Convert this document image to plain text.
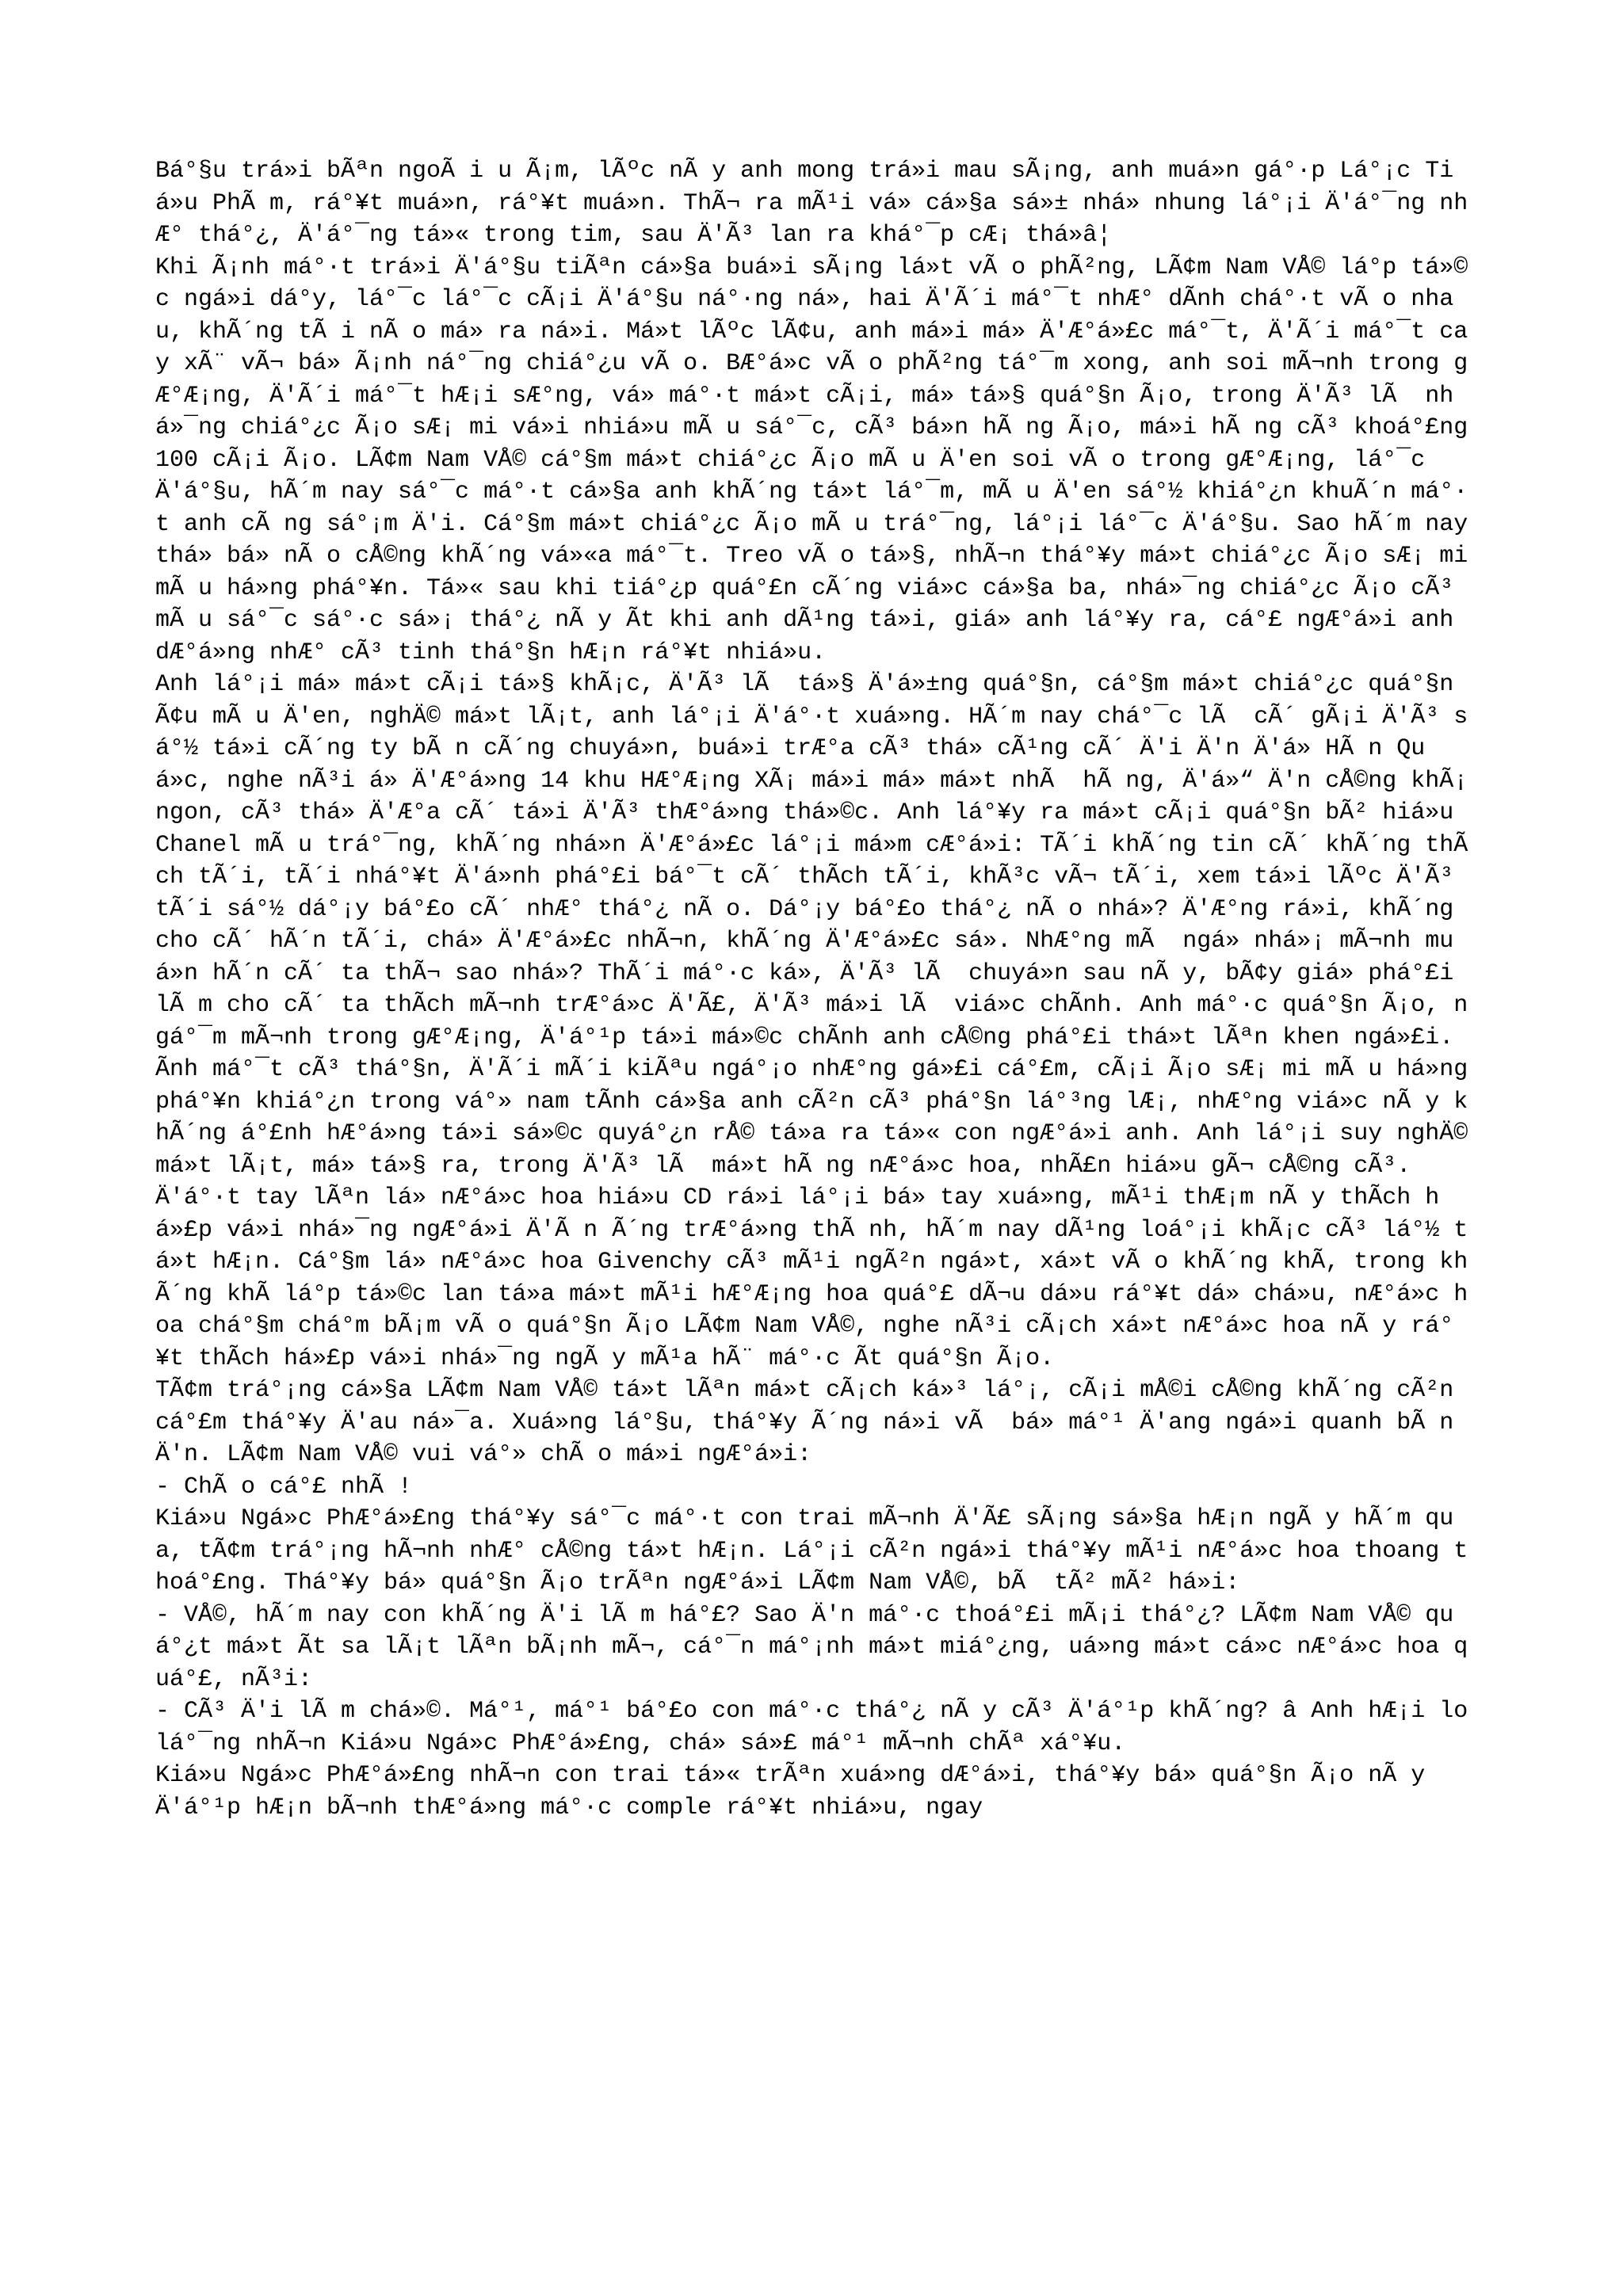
Bá°§u trá»i bÃªn ngoÃ i u Ã¡m, lÃºc nÃ y anh mong trá»i mau sÃ¡ng, anh muá»n gá°·p Lá°¡c Tiá»u PhÃ m, rá°¥t muá»n, rá°¥t muá»n. ThÃ¬ ra mÃ¹i vá» cá»§a sá»± nhá» nhung lá°¡i Ä'á°¯ng nhÆ° thá°¿, Ä'á°¯ng tá»« trong tim, sau Ä'Ã³ lan ra khá°¯p cÆ¡ thá»â¦

Khi Ã¡nh má°·t trá»i Ä'á°§u tiÃªn cá»§a buá»i sÃ¡ng lá»t vÃ o phÃ²ng, LÃ¢m Nam VÅ© lá°p tá»©c ngá»i dá°y, lá°¯c lá°¯c cÃ¡i Ä'á°§u ná°·ng ná», hai Ä'Ã´i má°¯t nhÆ° dÃnh chá°·t vÃ o nhau, khÃ´ng tÃ i nÃ o má» ra ná»i. Má»t lÃºc lÃ¢u, anh má»i má» Ä'Æ°á»£c má°¯t, Ä'Ã´i má°¯t cay xÃ¨ vÃ¬ bá» Ã¡nh ná°¯ng chiá°¿u vÃ o. BÆ°á»c vÃ o phÃ²ng tá°¯m xong, anh soi mÃ¬nh trong gÆ°Æ¡ng, Ä'Ã´i má°¯t hÆ¡i sÆ°ng, vá» má°·t má»t cÃ¡i, má» tá»§ quá°§n Ã¡o, trong Ä'Ã³ lÃ  nhá»¯ng chiá°¿c Ã¡o sÆ¡ mi vá»i nhiá»u mÃ u sá°¯c, cÃ³ bá»n hÃ ng Ã¡o, má»i hÃ ng cÃ³ khoá°£ng 100 cÃ¡i Ã¡o. LÃ¢m Nam VÅ© cá°§m má»t chiá°¿c Ã¡o mÃ u Ä'en soi vÃ o trong gÆ°Æ¡ng, lá°¯c Ä'á°§u, hÃ´m nay sá°¯c má°·t cá»§a anh khÃ´ng tá»t lá°¯m, mÃ u Ä'en sá°½ khiá°¿n khuÃ´n má°·t anh cÃ ng sá°¡m Ä'i. Cá°§m má»t chiá°¿c Ã¡o mÃ u trá°¯ng, lá°¡i lá°¯c Ä'á°§u. Sao hÃ´m nay thá» bá» nÃ o cÅ©ng khÃ´ng vá»«a má°¯t. Treo vÃ o tá»§, nhÃ¬n thá°¥y má»t chiá°¿c Ã¡o sÆ¡ mi mÃ u há»ng phá°¥n. Tá»« sau khi tiá°¿p quá°£n cÃ´ng viá»c cá»§a ba, nhá»¯ng chiá°¿c Ã¡o cÃ³ mÃ u sá°¯c sá°·c sá»¡ thá°¿ nÃ y Ãt khi anh dÃ¹ng tá»i, giá» anh lá°¥y ra, cá°£ ngÆ°á»i anh dÆ°á»ng nhÆ° cÃ³ tinh thá°§n hÆ¡n rá°¥t nhiá»u.

Anh lá°¡i má» má»t cÃ¡i tá»§ khÃ¡c, Ä'Ã³ lÃ  tá»§ Ä'á»±ng quá°§n, cá°§m má»t chiá°¿c quá°§n Ã¢u mÃ u Ä'en, nghÄ© má»t lÃ¡t, anh lá°¡i Ä'á°·t xuá»ng. HÃ´m nay chá°¯c lÃ  cÃ´ gÃ¡i Ä'Ã³ sá°½ tá»i cÃ´ng ty bÃ n cÃ´ng chuyá»n, buá»i trÆ°a cÃ³ thá» cÃ¹ng cÃ´ Ä'i Ä'n Ä'á» HÃ n Quá»c, nghe nÃ³i á» Ä'Æ°á»ng 14 khu HÆ°Æ¡ng XÃ¡ má»i má» má»t nhÃ  hÃ ng, Ä'á»“ Ä'n cÅ©ng khÃ¡ ngon, cÃ³ thá» Ä'Æ°a cÃ´ tá»i Ä'Ã³ thÆ°á»ng thá»©c. Anh lá°¥y ra má»t cÃ¡i quá°§n bÃ² hiá»u Chanel mÃ u trá°¯ng, khÃ´ng nhá»n Ä'Æ°á»£c lá°¡i má»m cÆ°á»i: TÃ´i khÃ´ng tin cÃ´ khÃ´ng thÃch tÃ´i, tÃ´i nhá°¥t Ä'á»nh phá°£i bá°¯t cÃ´ thÃch tÃ´i, khÃ³c vÃ¬ tÃ´i, xem tá»i lÃºc Ä'Ã³ tÃ´i sá°½ dá°¡y bá°£o cÃ´ nhÆ° thá°¿ nÃ o. Dá°¡y bá°£o thá°¿ nÃ o nhá»? Ä'Æ°ng rá»i, khÃ´ng cho cÃ´ hÃ´n tÃ´i, chá» Ä'Æ°á»£c nhÃ¬n, khÃ´ng Ä'Æ°á»£c sá». NhÆ°ng mÃ  ngá» nhá»¡ mÃ¬nh muá»n hÃ´n cÃ´ ta thÃ¬ sao nhá»? ThÃ´i má°·c ká», Ä'Ã³ lÃ  chuyá»n sau nÃ y, bÃ¢y giá» phá°£i lÃ m cho cÃ´ ta thÃch mÃ¬nh trÆ°á»c Ä'Ã£, Ä'Ã³ má»i lÃ  viá»c chÃnh. Anh má°·c quá°§n Ã¡o, ngá°¯m mÃ¬nh trong gÆ°Æ¡ng, Ä'á°¹p tá»i má»©c chÃnh anh cÅ©ng phá°£i thá»t lÃªn khen ngá»£i. Ãnh má°¯t cÃ³ thá°§n, Ä'Ã´i mÃ´i kiÃªu ngá°¡o nhÆ°ng gá»£i cá°£m, cÃ¡i Ã¡o sÆ¡ mi mÃ u há»ng phá°¥n khiá°¿n trong vá°» nam tÃnh cá»§a anh cÃ²n cÃ³ phá°§n lá°³ng lÆ¡, nhÆ°ng viá»c nÃ y khÃ´ng á°£nh hÆ°á»ng tá»i sá»©c quyá°¿n rÅ© tá»a ra tá»« con ngÆ°á»i anh. Anh lá°¡i suy nghÄ© má»t lÃ¡t, má» tá»§ ra, trong Ä'Ã³ lÃ  má»t hÃ ng nÆ°á»c hoa, nhÃ£n hiá»u gÃ¬ cÅ©ng cÃ³. Ä'á°·t tay lÃªn lá» nÆ°á»c hoa hiá»u CD rá»i lá°¡i bá» tay xuá»ng, mÃ¹i thÆ¡m nÃ y thÃch há»£p vá»i nhá»¯ng ngÆ°á»i Ä'Ã n Ã´ng trÆ°á»ng thÃ nh, hÃ´m nay dÃ¹ng loá°¡i khÃ¡c cÃ³ lá°½ tá»t hÆ¡n. Cá°§m lá» nÆ°á»c hoa Givenchy cÃ³ mÃ¹i ngÃ²n ngá»t, xá»t vÃ o khÃ´ng khÃ, trong khÃ´ng khÃ lá°p tá»©c lan tá»a má»t mÃ¹i hÆ°Æ¡ng hoa quá°£ dÃ¬u dá»u rá°¥t dá» chá»u, nÆ°á»c hoa chá°§m chá°m bÃ¡m vÃ o quá°§n Ã¡o LÃ¢m Nam VÅ©, nghe nÃ³i cÃ¡ch xá»t nÆ°á»c hoa nÃ y rá°¥t thÃch há»£p vá»i nhá»¯ng ngÃ y mÃ¹a hÃ¨ má°·c Ãt quá°§n Ã¡o.

TÃ¢m trá°¡ng cá»§a LÃ¢m Nam VÅ© tá»t lÃªn má»t cÃ¡ch ká»³ lá°¡, cÃ¡i mÅ©i cÅ©ng khÃ´ng cÃ²n cá°£m thá°¥y Ä'au ná»¯a. Xuá»ng lá°§u, thá°¥y Ã´ng ná»i vÃ  bá» má°¹ Ä'ang ngá»i quanh bÃ n Ä'n. LÃ¢m Nam VÅ© vui vá°» chÃ o má»i ngÆ°á»i:

- ChÃ o cá°£ nhÃ !

Kiá»u Ngá»c PhÆ°á»£ng thá°¥y sá°¯c má°·t con trai mÃ¬nh Ä'Ã£ sÃ¡ng sá»§a hÆ¡n ngÃ y hÃ´m qua, tÃ¢m trá°¡ng hÃ¬nh nhÆ° cÅ©ng tá»t hÆ¡n. Lá°¡i cÃ²n ngá»i thá°¥y mÃ¹i nÆ°á»c hoa thoang thoá°£ng. Thá°¥y bá» quá°§n Ã¡o trÃªn ngÆ°á»i LÃ¢m Nam VÅ©, bÃ  tÃ² mÃ² há»i:

- VÅ©, hÃ´m nay con khÃ´ng Ä'i lÃ m há°£? Sao Ä'n má°·c thoá°£i mÃ¡i thá°¿? LÃ¢m Nam VÅ© quá°¿t má»t Ãt sa lÃ¡t lÃªn bÃ¡nh mÃ¬, cá°¯n má°¡nh má»t miá°¿ng, uá»ng má»t cá»c nÆ°á»c hoa quá°£, nÃ³i:

- CÃ³ Ä'i lÃ m chá»©. Má°¹, má°¹ bá°£o con má°·c thá°¿ nÃ y cÃ³ Ä'á°¹p khÃ´ng? â Anh hÆ¡i lo lá°¯ng nhÃ¬n Kiá»u Ngá»c PhÆ°á»£ng, chá» sá»£ má°¹ mÃ¬nh chÃª xá°¥u.

Kiá»u Ngá»c PhÆ°á»£ng nhÃ¬n con trai tá»« trÃªn xuá»ng dÆ°á»i, thá°¥y bá» quá°§n Ã¡o nÃ y Ä'á°¹p hÆ¡n bÃ¬nh thÆ°á»ng má°·c comple rá°¥t nhiá»u, ngay
